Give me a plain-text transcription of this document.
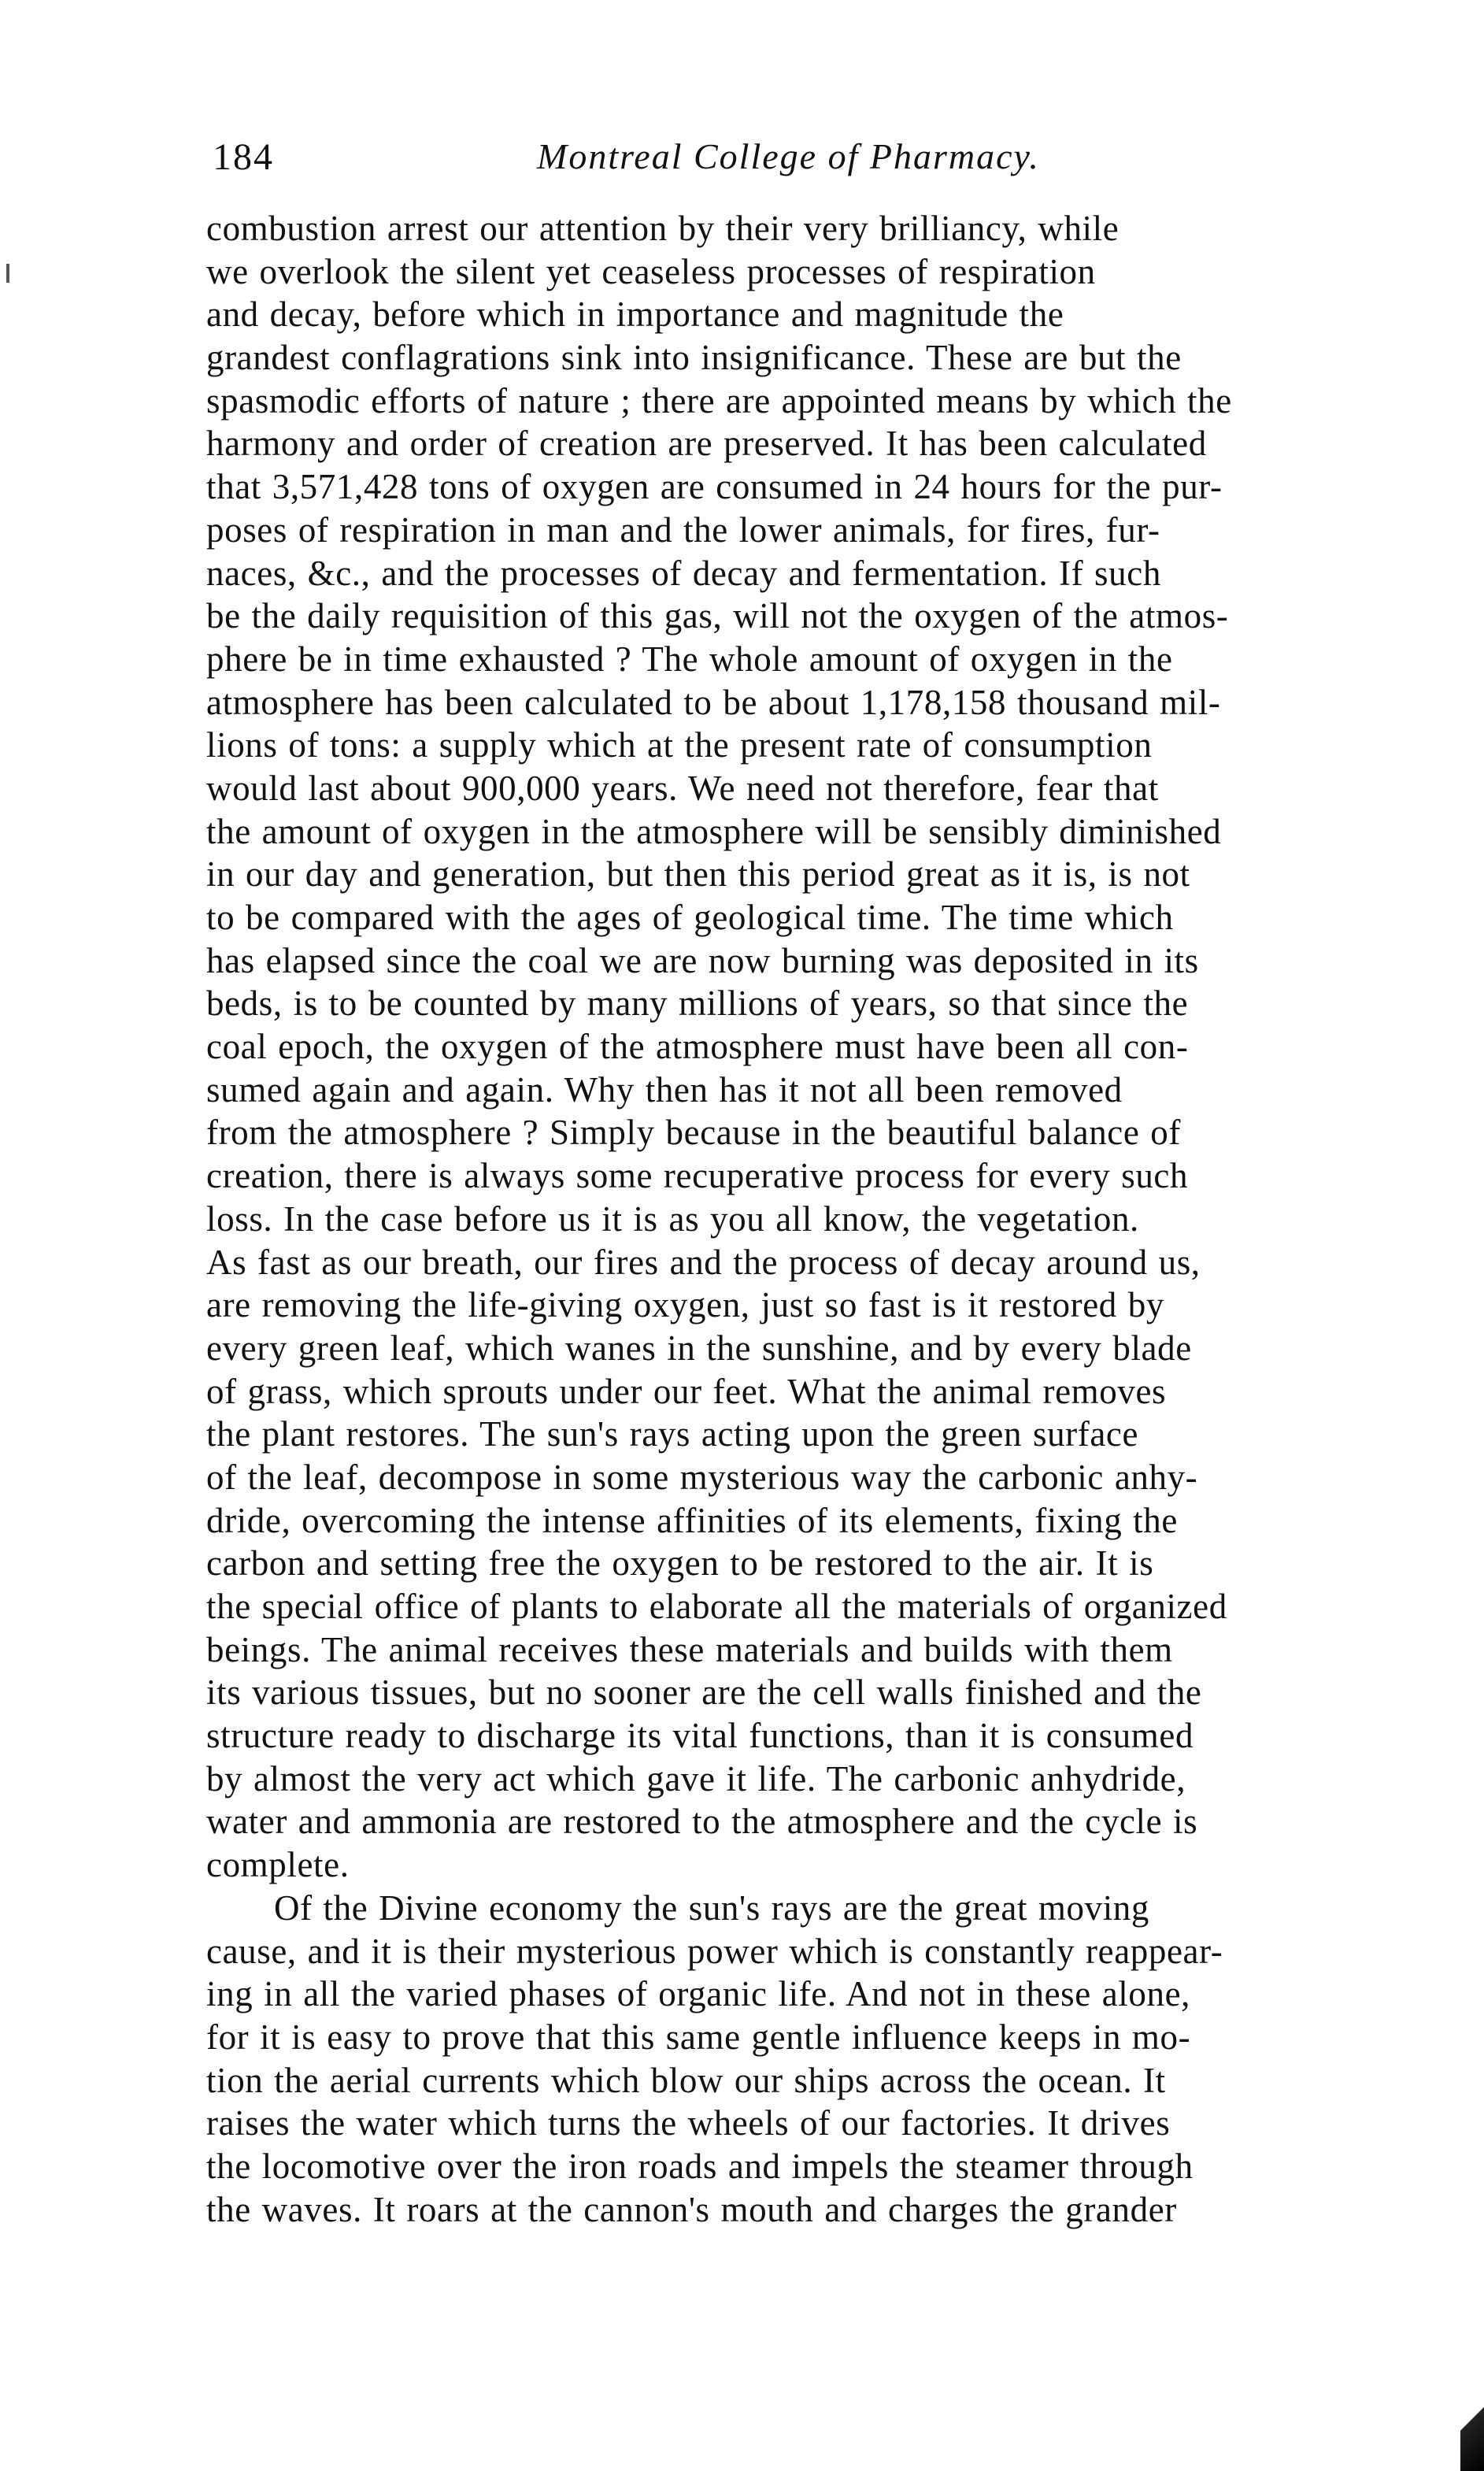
184	Montreal College of Pharmacy.
combustion arrest our attention by their very brilliancy, while
we overlook the silent yet ceaseless processes of respiration
and decay, before which in importance and magnitude the
grandest conflagrations sink into insignificance. These are but the
spasmodic efforts of nature ; there are appointed means by which the
harmony and order of creation are preserved. It has been calculated
that 3,571,428 tons of oxygen are consumed in 24 hours for the pur-
poses of respiration in man and the lower animals, for fires, fur-
naces, &c., and the processes of decay and fermentation. If such
be the daily requisition of this gas, will not the oxygen of the atmos-
phere be in time exhausted ? The whole amount of oxygen in the
atmosphere has been calculated to be about 1,178,158 thousand mil-
lions of tons: a supply which at the present rate of consumption
would last about 900,000 years. We need not therefore, fear that
the amount of oxygen in the atmosphere will be sensibly diminished
in our day and generation, but then this period great as it is, is not
to be compared with the ages of geological time. The time which
has elapsed since the coal we are now burning was deposited in its
beds, is to be counted by many millions of years, so that since the
coal epoch, the oxygen of the atmosphere must have been all con-
sumed again and again. Why then has it not all been removed
from the atmosphere ? Simply because in the beautiful balance of
creation, there is always some recuperative process for every such
loss. In the case before us it is as you all know, the vegetation.
As fast as our breath, our fires and the process of decay around us,
are removing the life-giving oxygen, just so fast is it restored by
every green leaf, which wanes in the sunshine, and by every blade
of grass, which sprouts under our feet. What the animal removes
the plant restores. The sun's rays acting upon the green surface
of the leaf, decompose in some mysterious way the carbonic anhy-
dride, overcoming the intense affinities of its elements, fixing the
carbon and setting free the oxygen to be restored to the air. It is
the special office of plants to elaborate all the materials of organized
beings. The animal receives these materials and builds with them
its various tissues, but no sooner are the cell walls finished and the
structure ready to discharge its vital functions, than it is consumed
by almost the very act which gave it life. The carbonic anhydride,
water and ammonia are restored to the atmosphere and the cycle is
complete.
Of the Divine economy the sun's rays are the great moving
cause, and it is their mysterious power which is constantly reappear-
ing in all the varied phases of organic life. And not in these alone,
for it is easy to prove that this same gentle influence keeps in mo-
tion the aerial currents which blow our ships across the ocean. It
raises the water which turns the wheels of our factories. It drives
the locomotive over the iron roads and impels the steamer through
the waves. It roars at the cannon's mouth and charges the grander
